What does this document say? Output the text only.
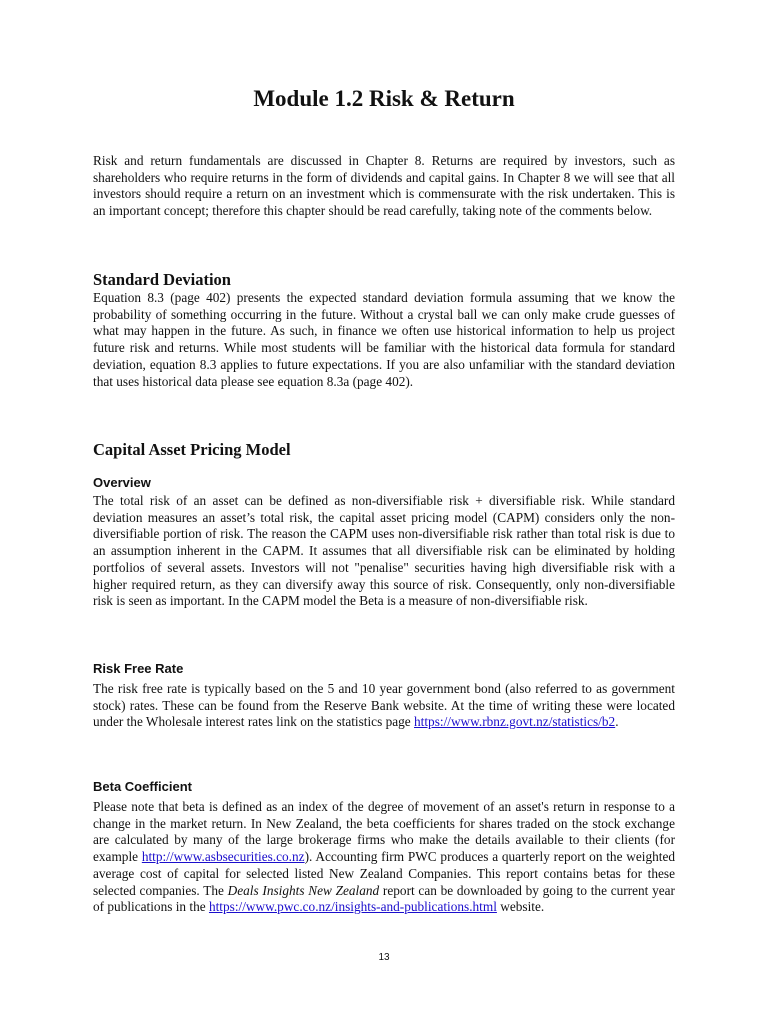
Module 1.2 Risk & Return

Risk and return fundamentals are discussed in Chapter 8. Returns are required by investors, such as shareholders who require returns in the form of dividends and capital gains. In Chapter 8 we will see that all investors should require a return on an investment which is commensurate with the risk undertaken. This is an important concept; therefore this chapter should be read carefully, taking note of the comments below.

Standard Deviation

Equation 8.3 (page 402) presents the expected standard deviation formula assuming that we know the probability of something occurring in the future. Without a crystal ball we can only make crude guesses of what may happen in the future. As such, in finance we often use historical information to help us project future risk and returns. While most students will be familiar with the historical data formula for standard deviation, equation 8.3 applies to future expectations. If you are also unfamiliar with the standard deviation that uses historical data please see equation 8.3a (page 402).

Capital Asset Pricing Model
Overview

The total risk of an asset can be defined as non-diversifiable risk + diversifiable risk. While standard deviation measures an asset’s total risk, the capital asset pricing model (CAPM) considers only the non-diversifiable portion of risk. The reason the CAPM uses non-diversifiable risk rather than total risk is due to an assumption inherent in the CAPM. It assumes that all diversifiable risk can be eliminated by holding portfolios of several assets. Investors will not "penalise" securities having high diversifiable risk with a higher required return, as they can diversify away this source of risk. Consequently, only non-diversifiable risk is seen as important. In the CAPM model the Beta is a measure of non-diversifiable risk.

Risk Free Rate

The risk free rate is typically based on the 5 and 10 year government bond (also referred to as government stock) rates. These can be found from the Reserve Bank website. At the time of writing these were located under the Wholesale interest rates link on the statistics page https://www.rbnz.govt.nz/statistics/b2.

Beta Coefficient

Please note that beta is defined as an index of the degree of movement of an asset's return in response to a change in the market return. In New Zealand, the beta coefficients for shares traded on the stock exchange are calculated by many of the large brokerage firms who make the details available to their clients (for example http://www.asbsecurities.co.nz). Accounting firm PWC produces a quarterly report on the weighted average cost of capital for selected listed New Zealand Companies. This report contains betas for these selected companies. The Deals Insights New Zealand report can be downloaded by going to the current year of publications in the https://www.pwc.co.nz/insights-and-publications.html website.

13
